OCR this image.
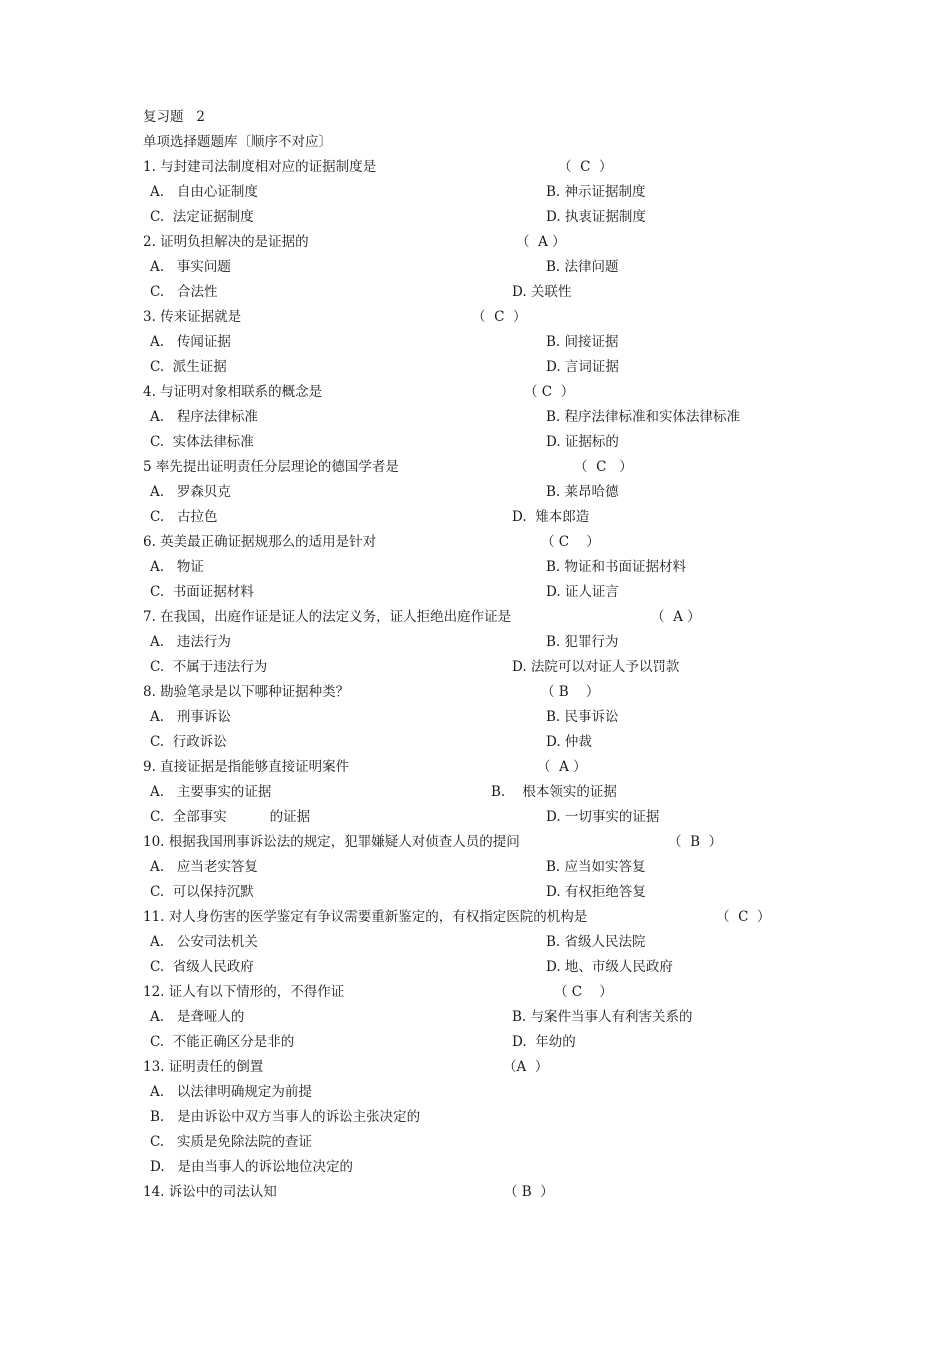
复习题   2
单项选择题题库〔顺序不对应〕
1. 与封建司法制度相对应的证据制度是	（  C  ）
A.   自由心证制度	B. 神示证据制度
C.  法定证据制度	D. 执衷证据制度
2. 证明负担解决的是证据的	（  A ）
A.   事实问题	B. 法律问题
C.   合法性	D. 关联性
3. 传来证据就是	（  C  ）
A.   传闻证据	B. 间接证据
C.  派生证据	D. 言词证据
4. 与证明对象相联系的概念是	（ C  ）
A.   程序法律标准	B. 程序法律标准和实体法律标准
C.  实体法律标准	D. 证据标的
5 率先提出证明责任分层理论的德国学者是	（  C   ）
A.   罗森贝克	B. 莱昂哈德
C.   古拉色	D.  雉本郎造
6. 英美最正确证据规那么的适用是针对	（ C    ）
A.   物证	B. 物证和书面证据材料
C.  书面证据材料	D. 证人证言
7. 在我国，出庭作证是证人的法定义务，证人拒绝出庭作证是	（  A ）
A.   违法行为	B. 犯罪行为
C.  不属于违法行为	D. 法院可以对证人予以罚款
8. 勘验笔录是以下哪种证据种类？	（ B    ）
A.   刑事诉讼	B. 民事诉讼
C.  行政诉讼	D. 仲裁
9. 直接证据是指能够直接证明案件	（  A ）
A.   主要事实的证据	B.    根本领实的证据
C.  全部事实          的证据	D. 一切事实的证据
10. 根据我国刑事诉讼法的规定，犯罪嫌疑人对侦查人员的提问	（  B  ）
A.   应当老实答复	B. 应当如实答复
C.  可以保持沉默	D. 有权拒绝答复
11. 对人身伤害的医学鉴定有争议需要重新鉴定的，有权指定医院的机构是	（  C  ）
A.   公安司法机关	B. 省级人民法院
C.  省级人民政府	D. 地、市级人民政府
12. 证人有以下情形的，不得作证	（ C    ）
A.   是聋哑人的	B. 与案件当事人有利害关系的
C.  不能正确区分是非的	D.  年幼的
13. 证明责任的倒置	（A  ）
A.   以法律明确规定为前提
B.   是由诉讼中双方当事人的诉讼主张决定的
C.   实质是免除法院的查证
D.   是由当事人的诉讼地位决定的
14. 诉讼中的司法认知	（ B  ）
